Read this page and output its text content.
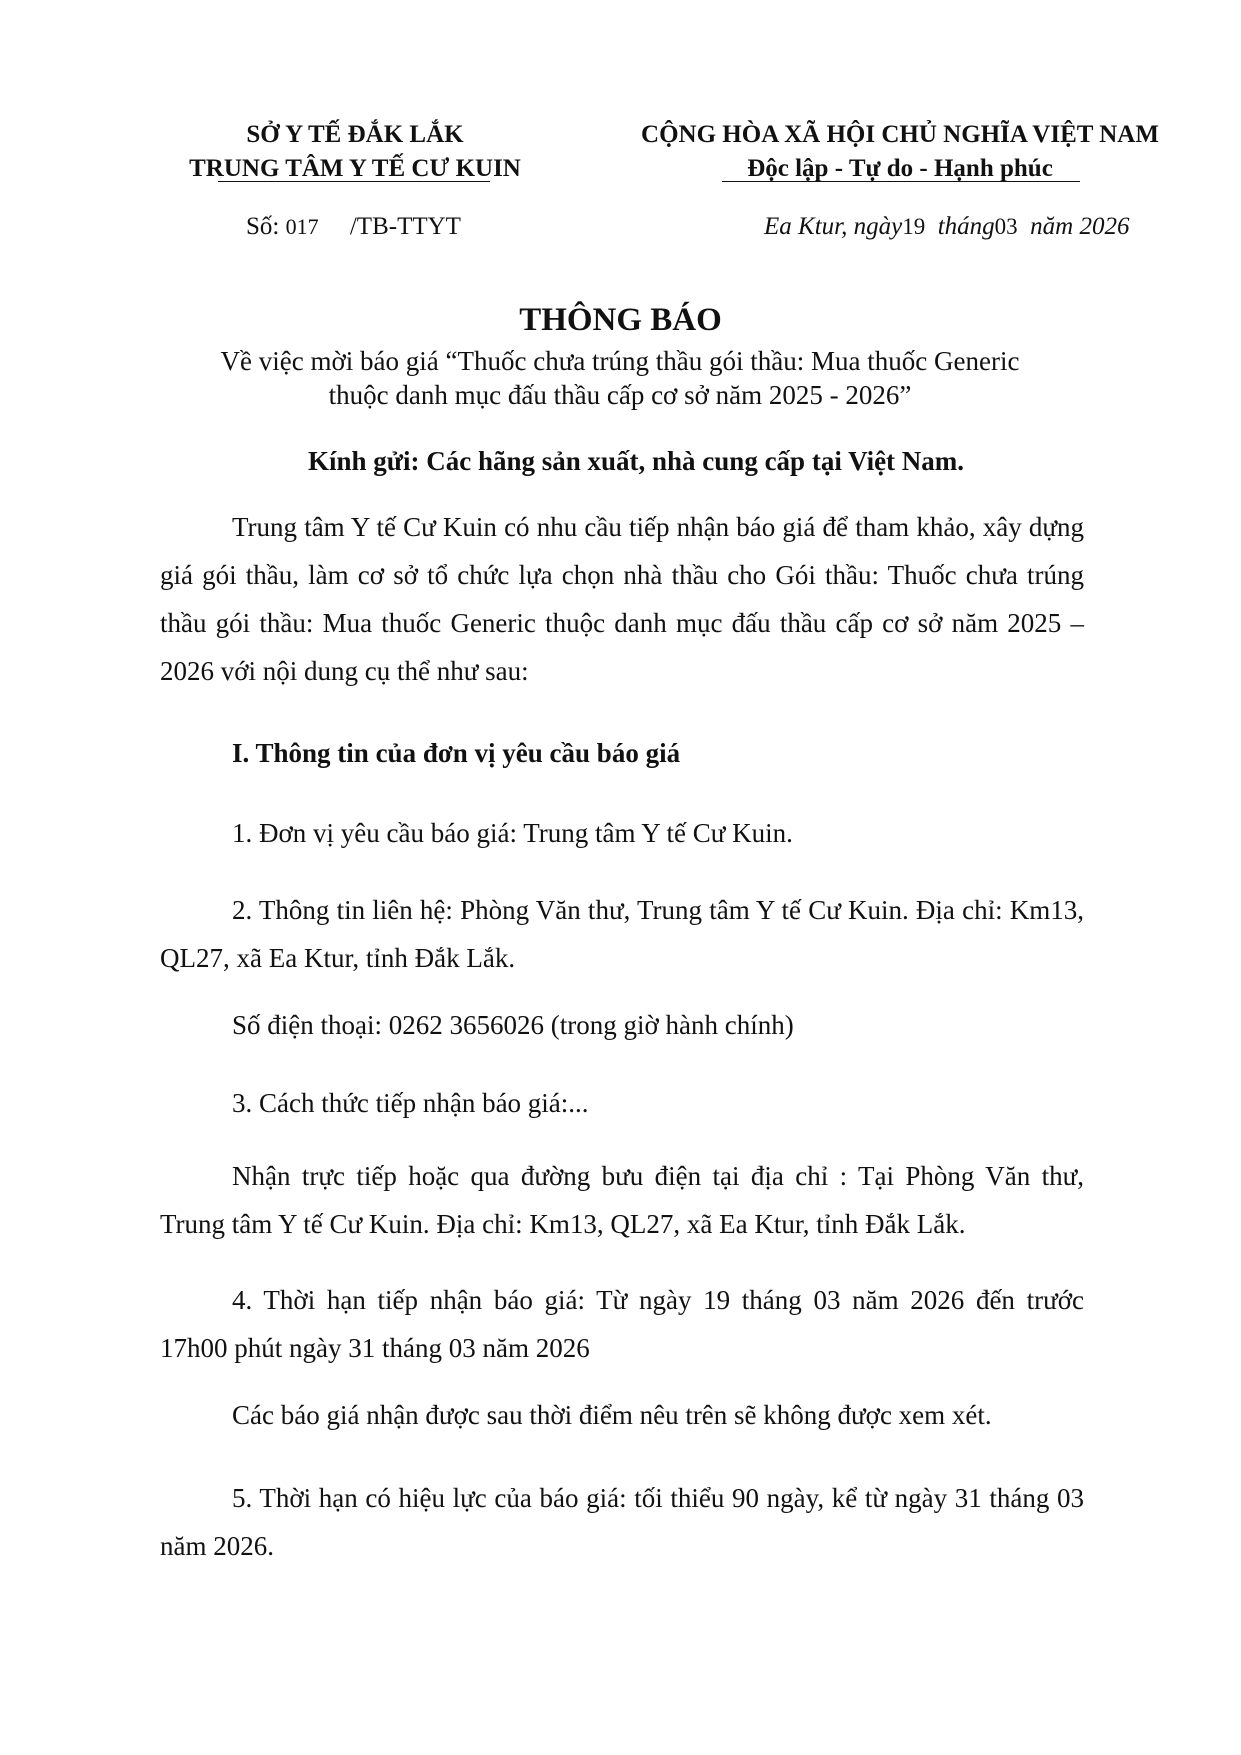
SỞ Y TẾ ĐẮK LẮK
TRUNG TÂM Y TẾ CƯ KUIN
CỘNG HÒA XÃ HỘI CHỦ NGHĨA VIỆT NAM
Độc lập - Tự do - Hạnh phúc
Số: 017 /TB-TTYT	Ea Ktur, ngày19 tháng03 năm 2026
THÔNG BÁO
Về việc mời báo giá “Thuốc chưa trúng thầu gói thầu: Mua thuốc Generic
thuộc danh mục đấu thầu cấp cơ sở năm 2025 - 2026”
Kính gửi: Các hãng sản xuất, nhà cung cấp tại Việt Nam.
Trung tâm Y tế Cư Kuin có nhu cầu tiếp nhận báo giá để tham khảo, xây dựng giá gói thầu, làm cơ sở tổ chức lựa chọn nhà thầu cho Gói thầu: Thuốc chưa trúng thầu gói thầu: Mua thuốc Generic thuộc danh mục đấu thầu cấp cơ sở năm 2025 – 2026 với nội dung cụ thể như sau:
I. Thông tin của đơn vị yêu cầu báo giá
1. Đơn vị yêu cầu báo giá: Trung tâm Y tế Cư Kuin.
2. Thông tin liên hệ: Phòng Văn thư, Trung tâm Y tế Cư Kuin. Địa chỉ: Km13, QL27, xã Ea Ktur, tỉnh Đắk Lắk.
Số điện thoại: 0262 3656026 (trong giờ hành chính)
3. Cách thức tiếp nhận báo giá:...
Nhận trực tiếp hoặc qua đường bưu điện tại địa chỉ : Tại Phòng Văn thư, Trung tâm Y tế Cư Kuin. Địa chỉ: Km13, QL27, xã Ea Ktur, tỉnh Đắk Lắk.
4. Thời hạn tiếp nhận báo giá: Từ ngày 19 tháng 03 năm 2026 đến trước 17h00 phút ngày 31 tháng 03 năm 2026
Các báo giá nhận được sau thời điểm nêu trên sẽ không được xem xét.
5. Thời hạn có hiệu lực của báo giá: tối thiểu 90 ngày, kể từ ngày 31 tháng 03 năm 2026.
